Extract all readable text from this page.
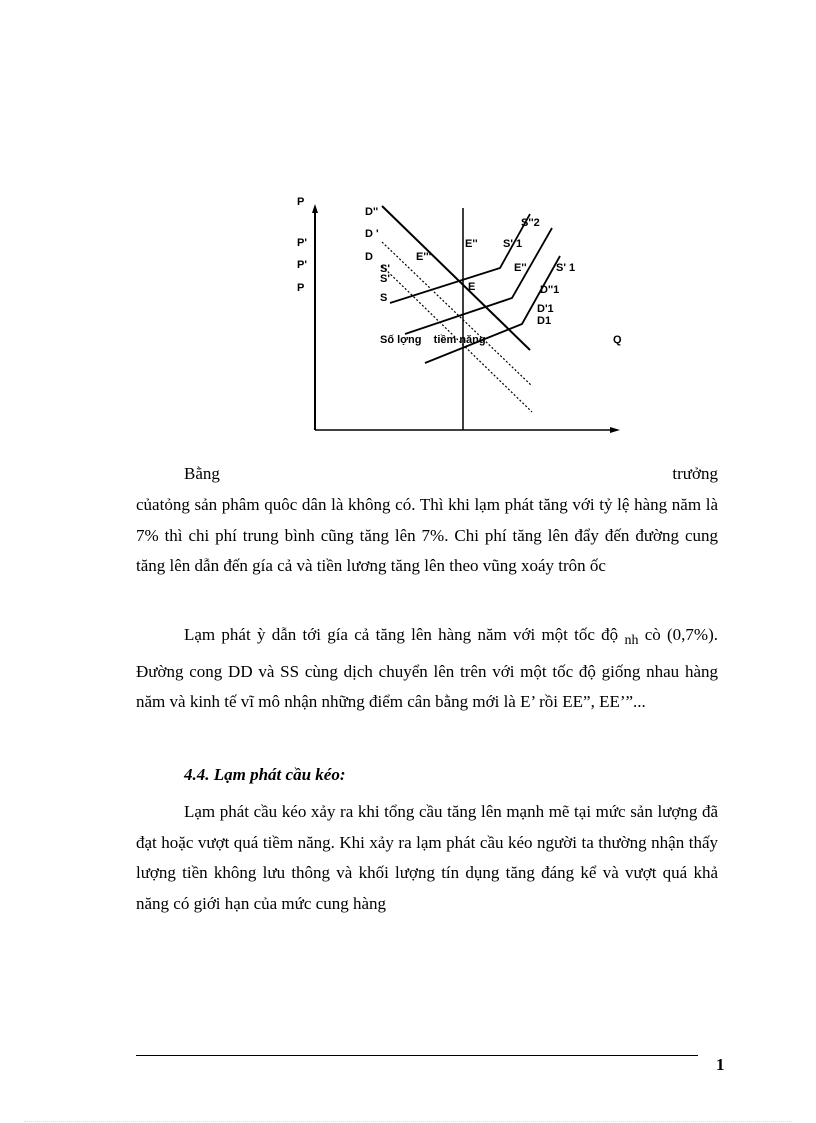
P
Q
P'
P'
P
D''
D '
D	E'''
E''
E''
E
S''2
S' 1
S' 1
S'
S'
S
D''1
D'1
D1
Số lợng    tiềm năng
Bằng	trưởng

củatỏng sản phâm quôc dân là không có. Thì khi lạm phát tăng với tỷ lệ hàng năm là 7% thì chi phí trung bình cũng tăng lên 7%. Chi phí tăng lên đẩy đến đường cung tăng lên dẫn đến gía cả và tiền lương tăng lên theo vũng xoáy trôn ốc

Lạm phát ỳ dẫn tới gía cả tăng lên hàng năm với một tốc độ $_{nh}$ cò (0,7%). Đường cong DD và SS cùng dịch chuyển lên trên với một tốc độ giống nhau hàng năm và kinh tế vĩ mô nhận những điểm cân bằng mới là E’ rồi EE”, EE’”...

4.4. Lạm phát cầu kéo:

Lạm phát cầu kéo xảy ra khi tổng cầu tăng lên mạnh mẽ tại mức sản lượng đã đạt hoặc vượt quá tiềm năng. Khi xảy ra lạm phát cầu kéo người ta thường nhận thấy lượng tiền không lưu thông và khối lượng tín dụng tăng đáng kể và vượt quá khả năng có giới hạn của mức cung hàng

1
